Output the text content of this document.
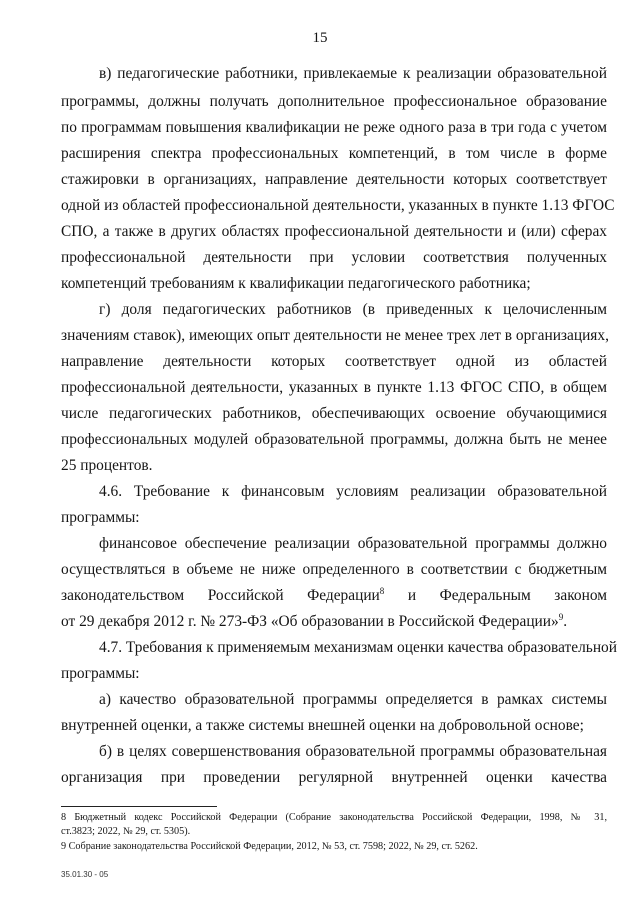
15
в) педагогические работники, привлекаемые к реализации образовательной
программы, должны получать дополнительное профессиональное образование
по программам повышения квалификации не реже одного раза в три года с учетом
расширения спектра профессиональных компетенций, в том числе в форме
стажировки в организациях, направление деятельности которых соответствует
одной из областей профессиональной деятельности, указанных в пункте 1.13 ФГОС
СПО, а также в других областях профессиональной деятельности и (или) сферах
профессиональной деятельности при условии соответствия полученных
компетенций требованиям к квалификации педагогического работника;
г) доля педагогических работников (в приведенных к целочисленным
значениям ставок), имеющих опыт деятельности не менее трех лет в организациях,
направление деятельности которых соответствует одной из областей
профессиональной деятельности, указанных в пункте 1.13 ФГОС СПО, в общем
числе педагогических работников, обеспечивающих освоение обучающимися
профессиональных модулей образовательной программы, должна быть не менее
25 процентов.
4.6. Требование к финансовым условиям реализации образовательной
программы:
финансовое обеспечение реализации образовательной программы должно
осуществляться в объеме не ниже определенного в соответствии с бюджетным
законодательством Российской Федерации$^8$ и Федеральным законом
от 29 декабря 2012 г. № 273-ФЗ «Об образовании в Российской Федерации»$^9$.
4.7. Требования к применяемым механизмам оценки качества образовательной
программы:
а) качество образовательной программы определяется в рамках системы
внутренней оценки, а также системы внешней оценки на добровольной основе;
б) в целях совершенствования образовательной программы образовательная
организация при проведении регулярной внутренней оценки качества
8 Бюджетный кодекс Российской Федерации (Собрание законодательства Российской Федерации, 1998, № 31,
ст.3823; 2022, № 29, ст. 5305).
9 Собрание законодательства Российской Федерации, 2012, № 53, ст. 7598; 2022, № 29, ст. 5262.
35.01.30 - 05
